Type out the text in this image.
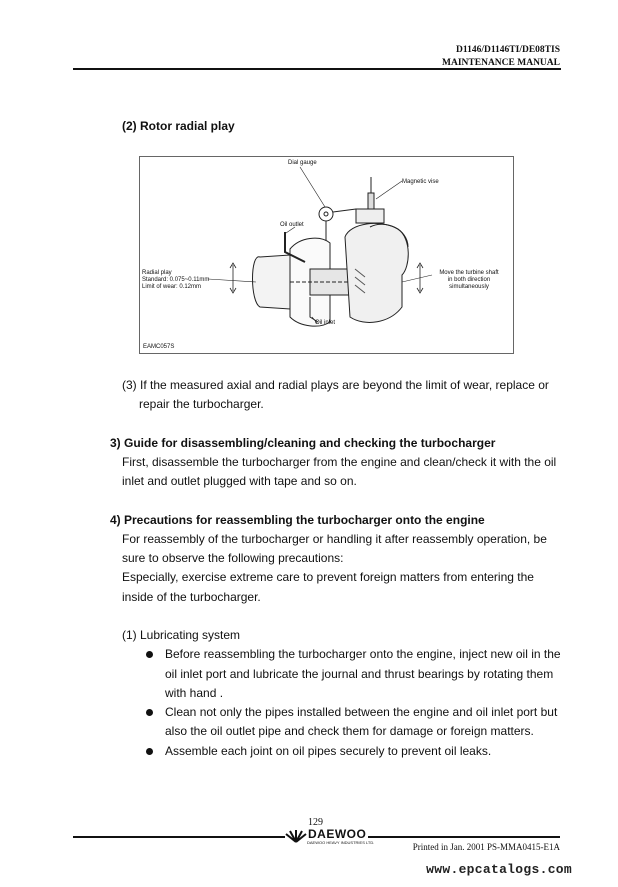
D1146/D1146TI/DE08TIS
MAINTENANCE MANUAL
(2) Rotor radial play
Dial gauge
Magnetic vise
Oil outlet
Radial play
Standard: 0.075~0.11mm
Limit of wear: 0.12mm
Move the turbine shaft
in both direction
simultaneously
Oil inlet
EAMC057S
(3) If the measured axial and radial plays are beyond the limit of wear, replace or
repair the turbocharger.
3) Guide for disassembling/cleaning and checking the turbocharger
First, disassemble the turbocharger from the engine and clean/check it with the oil
inlet and outlet plugged with tape and so on.
4) Precautions for reassembling the turbocharger onto the engine
For reassembly of the turbocharger or handling it after reassembly operation, be
sure to observe the following precautions:
Especially, exercise extreme care to prevent foreign matters from entering the
inside of the turbocharger.
(1) Lubricating system
Before reassembling the turbocharger onto the engine, inject new oil in the
oil inlet port and lubricate the journal and thrust bearings by rotating them
with hand .
Clean not only the pipes installed between the engine and oil inlet port but
also the oil outlet pipe and check them for damage or foreign matters.
Assemble each joint on oil pipes securely to prevent oil leaks.
129
DAEWOO
DAEWOO HEAVY INDUSTRIES LTD.	Printed in Jan. 2001 PS-MMA0415-E1A
www.epcatalogs.com
